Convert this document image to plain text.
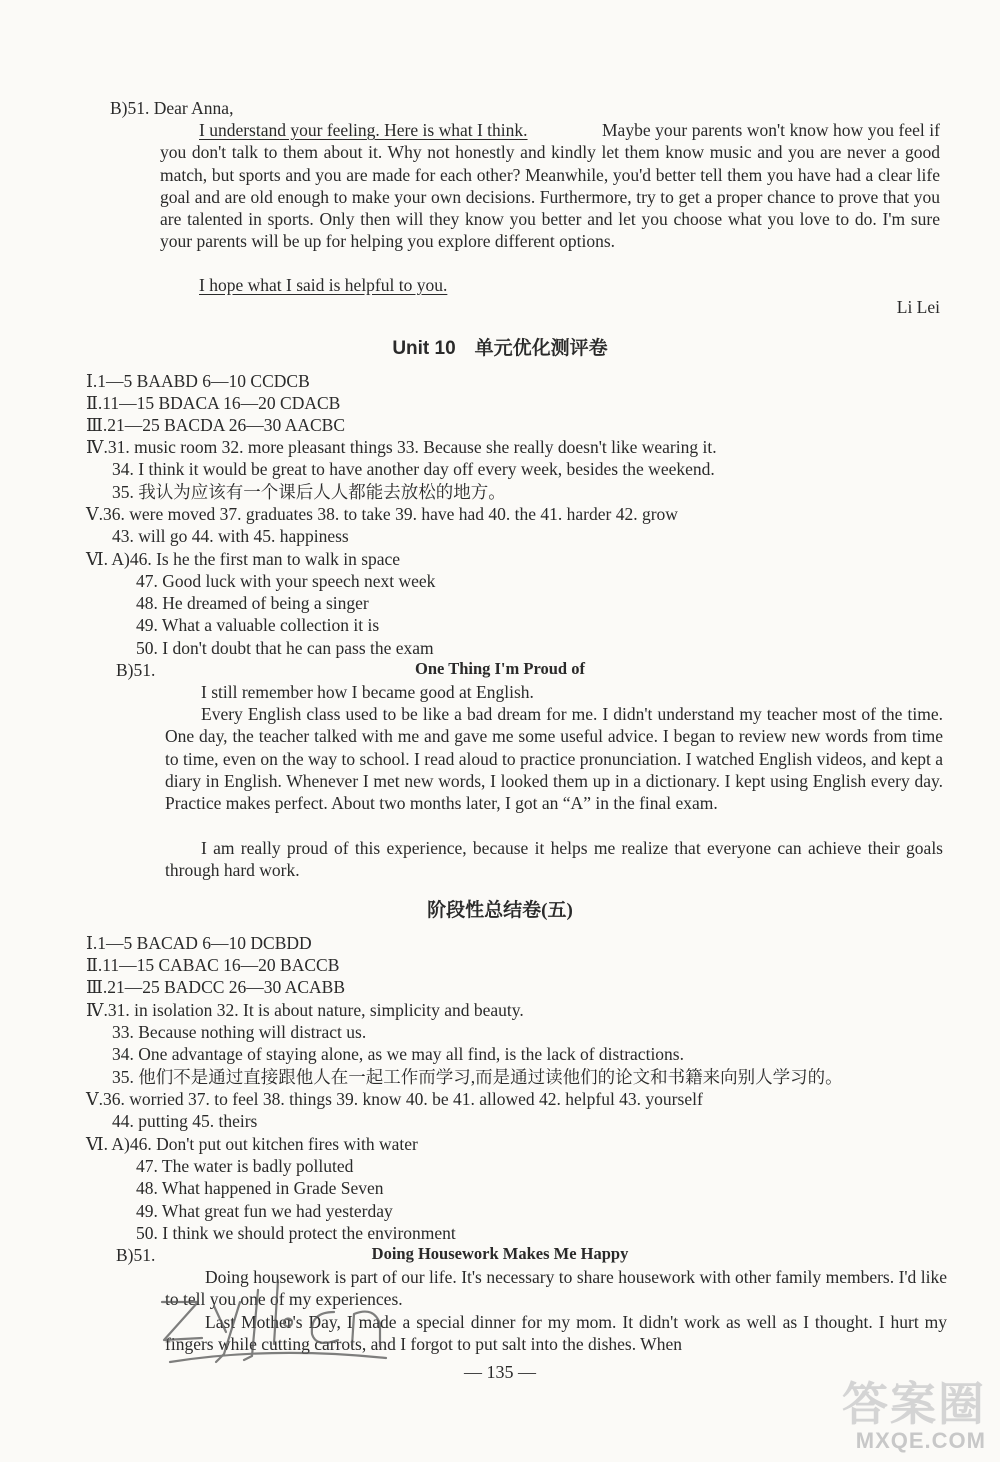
B)51. Dear Anna,
I understand your feeling. Here is what I think.	Maybe your parents won't know how you feel if you don't talk to them about it. Why not honestly and kindly let them know music and you are never a good match, but sports and you are made for each other? Meanwhile, you'd better tell them you have had a clear life goal and are old enough to make your own decisions. Furthermore, try to get a proper chance to prove that you are talented in sports. Only then will they know you better and let you choose what you love to do. I'm sure your parents will be up for helping you explore different options.
I hope what I said is helpful to you.
Li Lei
Unit 10 单元优化测评卷
Ⅰ.1—5 BAABD 6—10 CCDCB
Ⅱ.11—15 BDACA 16—20 CDACB
Ⅲ.21—25 BACDA 26—30 AACBC
Ⅳ.31. music room 32. more pleasant things 33. Because she really doesn't like wearing it.
34. I think it would be great to have another day off every week, besides the weekend.
35. 我认为应该有一个课后人人都能去放松的地方。
Ⅴ.36. were moved 37. graduates 38. to take 39. have had 40. the 41. harder 42. grow
43. will go 44. with 45. happiness
Ⅵ. A)46. Is he the first man to walk in space
47. Good luck with your speech next week
48. He dreamed of being a singer
49. What a valuable collection it is
50. I don't doubt that he can pass the exam
B)51.	One Thing I'm Proud of
I still remember how I became good at English.
Every English class used to be like a bad dream for me. I didn't understand my teacher most of the time. One day, the teacher talked with me and gave me some useful advice. I began to review new words from time to time, even on the way to school. I read aloud to practice pronunciation. I watched English videos, and kept a diary in English. Whenever I met new words, I looked them up in a dictionary. I kept using English every day. Practice makes perfect. About two months later, I got an “A” in the final exam.
I am really proud of this experience, because it helps me realize that everyone can achieve their goals through hard work.
阶段性总结卷(五)
Ⅰ.1—5 BACAD 6—10 DCBDD
Ⅱ.11—15 CABAC 16—20 BACCB
Ⅲ.21—25 BADCC 26—30 ACABB
Ⅳ.31. in isolation 32. It is about nature, simplicity and beauty.
33. Because nothing will distract us.
34. One advantage of staying alone, as we may all find, is the lack of distractions.
35. 他们不是通过直接跟他人在一起工作而学习,而是通过读他们的论文和书籍来向别人学习的。
Ⅴ.36. worried 37. to feel 38. things 39. know 40. be 41. allowed 42. helpful 43. yourself
44. putting 45. theirs
Ⅵ. A)46. Don't put out kitchen fires with water
47. The water is badly polluted
48. What happened in Grade Seven
49. What great fun we had yesterday
50. I think we should protect the environment
B)51.	Doing Housework Makes Me Happy
Doing housework is part of our life. It's necessary to share housework with other family members. I'd like to tell you one of my experiences.
Last Mother's Day, I made a special dinner for my mom. It didn't work as well as I thought. I hurt my fingers while cutting carrots, and I forgot to put salt into the dishes. When
— 135 —
答案圈
MXQE.COM
